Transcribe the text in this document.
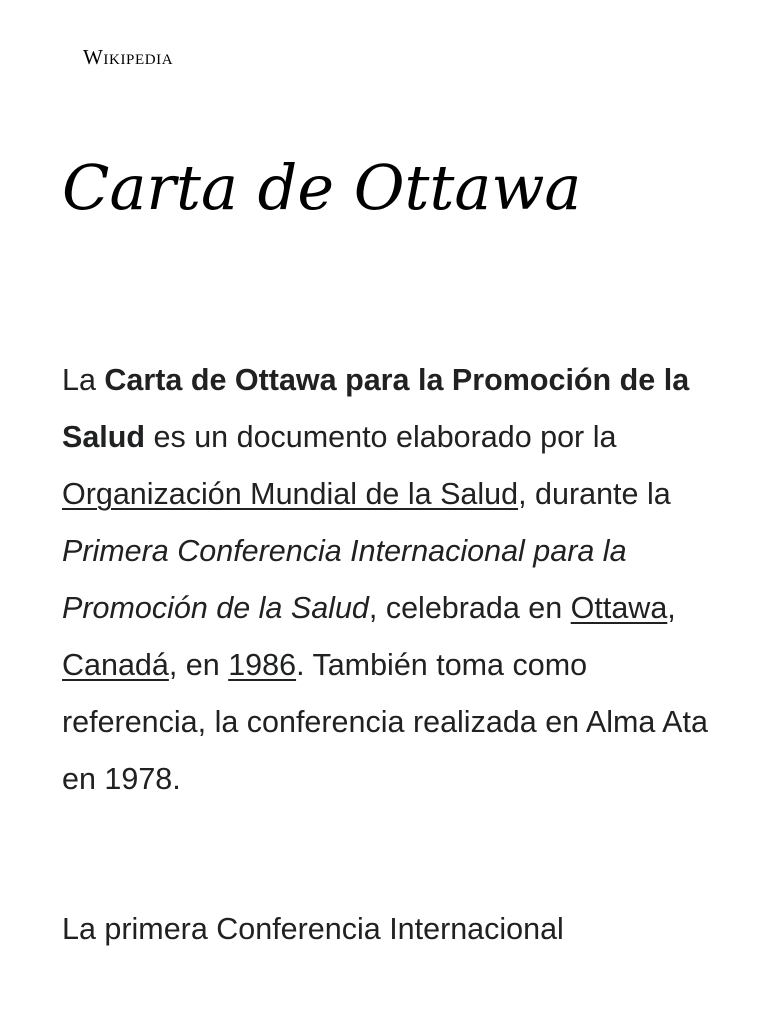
Wikipedia
Carta de Ottawa

La Carta de Ottawa para la Promoción de la Salud es un documento elaborado por la Organización Mundial de la Salud, durante la Primera Conferencia Internacional para la Promoción de la Salud, celebrada en Ottawa, Canadá, en 1986. También toma como referencia, la conferencia realizada en Alma Ata en 1978.

La primera Conferencia Internacional
